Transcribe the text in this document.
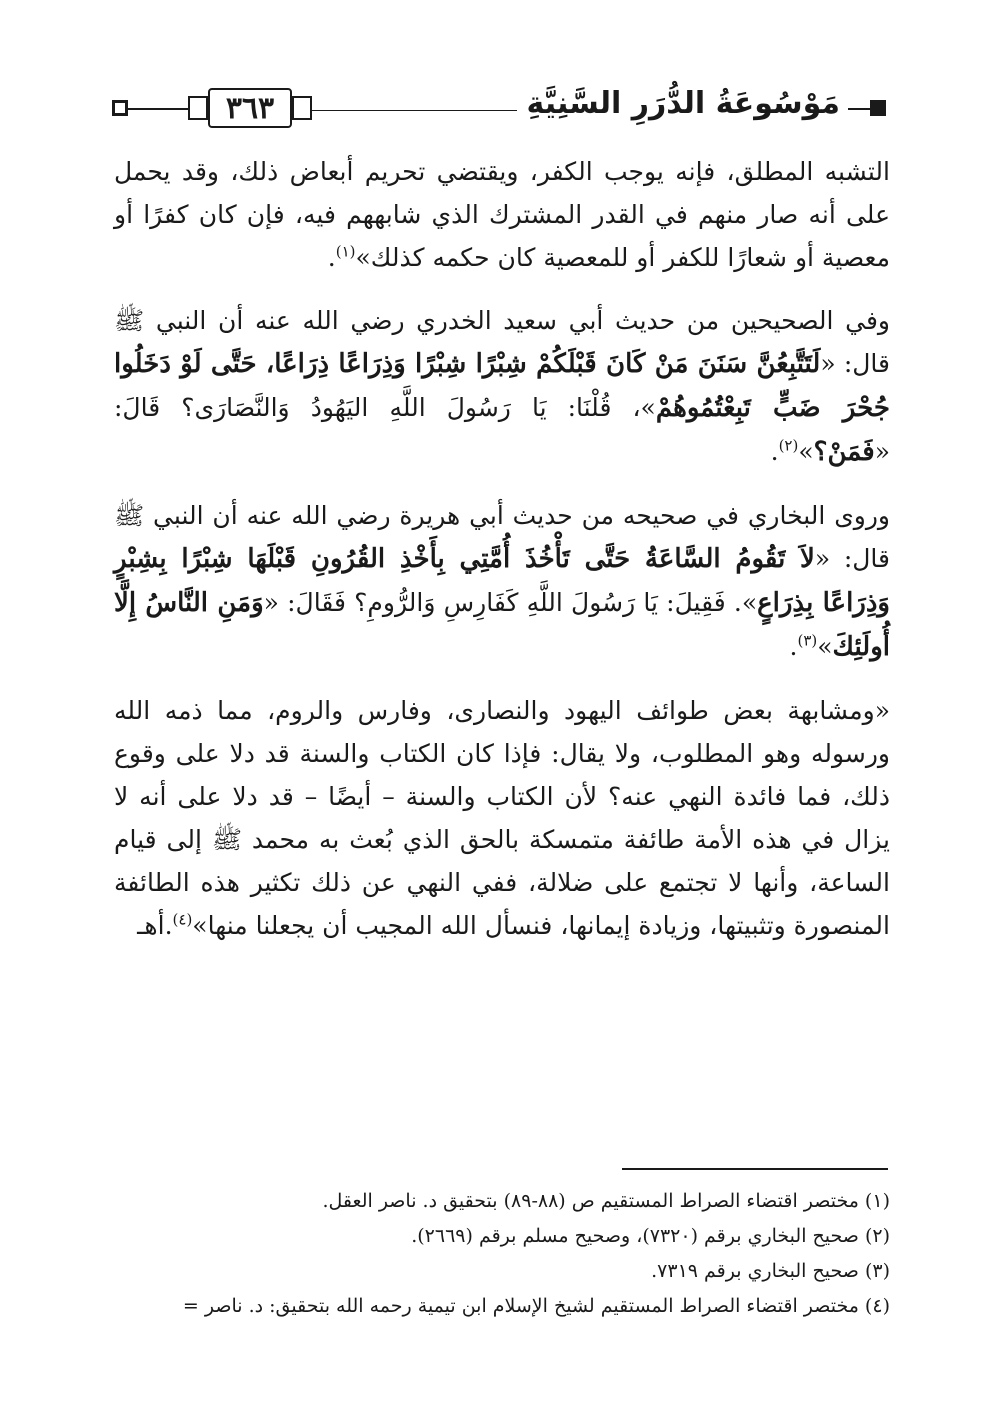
٣٦٣	مَوْسُوعَةُ الدُّرَرِ السَّنِيَّةِ

التشبه المطلق، فإنه يوجب الكفر، ويقتضي تحريم أبعاض ذلك، وقد يحمل على أنه صار منهم في القدر المشترك الذي شابههم فيه، فإن كان كفرًا أو معصية أو شعارًا للكفر أو للمعصية كان حكمه كذلك»$^{(١)}$.

وفي الصحيحين من حديث أبي سعيد الخدري رضي الله عنه أن النبي ﷺ قال: «لَتَتَّبِعُنَّ سَنَنَ مَنْ كَانَ قَبْلَكُمْ شِبْرًا شِبْرًا وَذِرَاعًا ذِرَاعًا، حَتَّى لَوْ دَخَلُوا جُحْرَ ضَبٍّ تَبِعْتُمُوهُمْ»، قُلْنَا: يَا رَسُولَ اللَّهِ اليَهُودُ وَالنَّصَارَى؟ قَالَ: «فَمَنْ؟»$^{(٢)}$.

وروى البخاري في صحيحه من حديث أبي هريرة رضي الله عنه أن النبي ﷺ قال: «لاَ تَقُومُ السَّاعَةُ حَتَّى تَأْخُذَ أُمَّتِي بِأَخْذِ القُرُونِ قَبْلَهَا شِبْرًا بِشِبْرٍ وَذِرَاعًا بِذِرَاعٍ». فَقِيلَ: يَا رَسُولَ اللَّهِ كَفَارِسِ وَالرُّومِ؟ فَقَالَ: «وَمَنِ النَّاسُ إِلَّا أُولَئِكَ»$^{(٣)}$.

«ومشابهة بعض طوائف اليهود والنصارى، وفارس والروم، مما ذمه الله ورسوله وهو المطلوب، ولا يقال: فإذا كان الكتاب والسنة قد دلا على وقوع ذلك، فما فائدة النهي عنه؟ لأن الكتاب والسنة – أيضًا – قد دلا على أنه لا يزال في هذه الأمة طائفة متمسكة بالحق الذي بُعث به محمد ﷺ إلى قيام الساعة، وأنها لا تجتمع على ضلالة، ففي النهي عن ذلك تكثير هذه الطائفة المنصورة وتثبيتها، وزيادة إيمانها، فنسأل الله المجيب أن يجعلنا منها»$^{(٤)}$.أهـ

(١) مختصر اقتضاء الصراط المستقيم ص (٨٨-٨٩) بتحقيق د. ناصر العقل.
(٢) صحيح البخاري برقم (٧٣٢٠)، وصحيح مسلم برقم (٢٦٦٩).
(٣) صحيح البخاري برقم ٧٣١٩.
(٤) مختصر اقتضاء الصراط المستقيم لشيخ الإسلام ابن تيمية رحمه الله بتحقيق: د. ناصر =
